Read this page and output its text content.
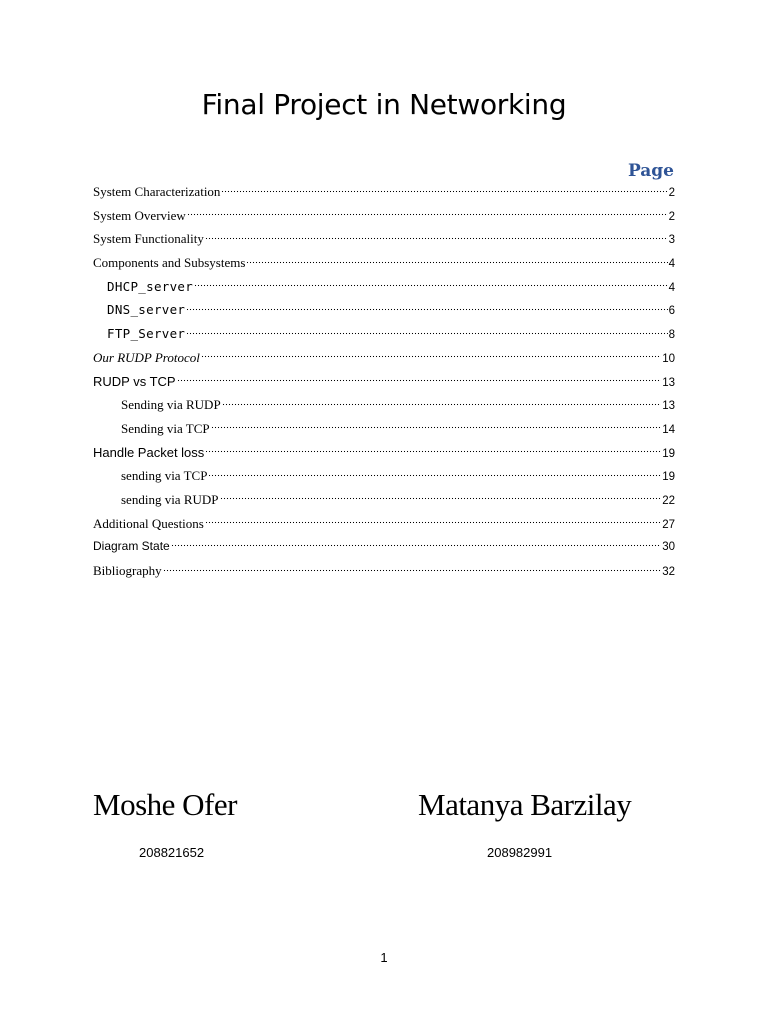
Final Project in Networking
Page
System Characterization	2
System Overview	2
System Functionality	3
Components and Subsystems	4
DHCP_server	4
DNS_server	6
FTP_Server	8
Our RUDP Protocol	10
RUDP vs TCP	13
Sending via RUDP	13
Sending via TCP	14
Handle Packet loss	19
sending via TCP	19
sending via RUDP	22
Additional Questions	27
Diagram State	30
Bibliography	32
Moshe Ofer	Matanya Barzilay
208821652	208982991
1
